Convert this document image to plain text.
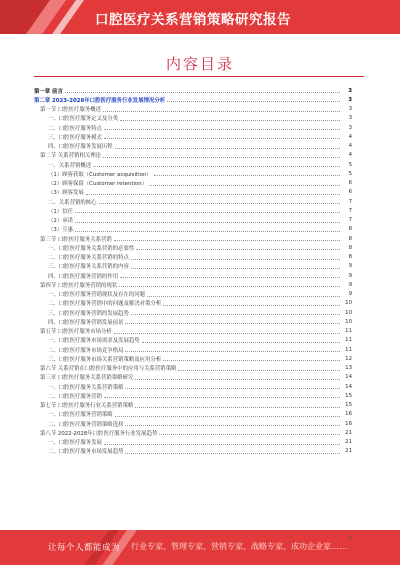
口腔医疗关系营销策略研究报告
内容目录
第一章 前言	3
第二章 2023-2028年口腔医疗服务行业发展情况分析	3
第一节 口腔医疗服务概述	3
一、口腔医疗服务定义及分类	3
二、口腔医疗服务特点	3
三、口腔医疗服务模式	4
四、口腔医疗服务发展历程	4
第二节 关系营销相关理论	4
一、关系营销概述	5
（1）顾客获取（Customer acquisition）	5
（2）顾客保留（Customer retention）	6
（3）顾客发展	6
二、关系营销的核心	7
（1）信任	7
（2）承诺	7
（3）互惠	8
第三节 口腔医疗服务关系营销	8
一、口腔医疗服务关系营销的必要性	8
二、口腔医疗服务关系营销的特点	8
三、口腔医疗服务关系营销的内容	9
四、口腔医疗服务营销的作用	9
第四节 口腔医疗服务营销的现状	9
一、口腔医疗服务营销现状及存在的问题	9
二、口腔医疗服务营销中的问题及解决对策分析	10
三、口腔医疗服务营销的发展趋势	10
四、口腔医疗服务营销发展前景	10
第五节 口腔医疗服务市场分析	11
一、口腔医疗服务市场需求及发展趋势	11
二、口腔医疗服务市场竞争格局	11
三、口腔医疗服务市场关系营销策略及应用分析	12
第六节 关系营销在口腔医疗服务中的应用与关系营销策略	13
第三章 口腔医疗服务关系营销策略研究	14
一、口腔医疗服务关系营销策略	14
二、口腔医疗服务营销	15
第七节 口腔医疗服务行业关系营销策略	15
一、口腔医疗服务营销策略	16
二、口腔医疗服务营销策略选择	16
第八节 2022-2028年口腔医疗服务行业发展趋势	21
一、口腔医疗服务发展	21
二、口腔医疗服务市场发展趋势	21
让每个人都能成为 行业专家、管理专家、营销专家、战略专家、成功企业家……
1
